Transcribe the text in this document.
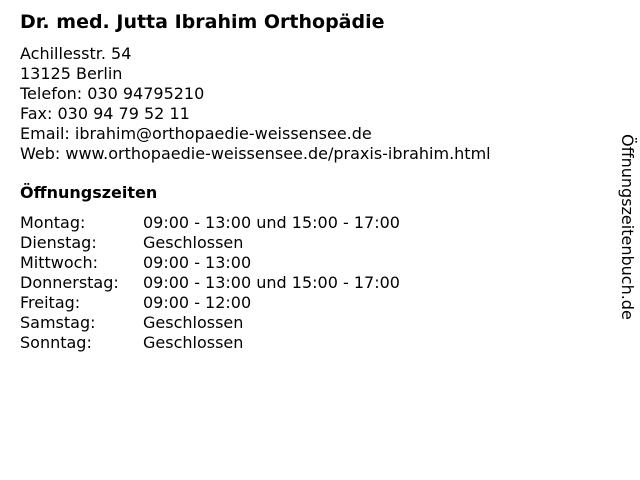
Dr. med. Jutta Ibrahim Orthopädie

Achillesstr. 54

13125 Berlin

Telefon: 030 94795210

Fax: 030 94 79 52 11

Email: ibrahim@orthopaedie-weissensee.de

Web: www.orthopaedie-weissensee.de/praxis-ibrahim.html

Öffnungszeiten
Montag:	09:00 - 13:00 und 15:00 - 17:00
Dienstag:	Geschlossen
Mittwoch:	09:00 - 13:00
Donnerstag:	09:00 - 13:00 und 15:00 - 17:00
Freitag:	09:00 - 12:00
Samstag:	Geschlossen
Sonntag:	Geschlossen
Öffnungszeitenbuch.de
